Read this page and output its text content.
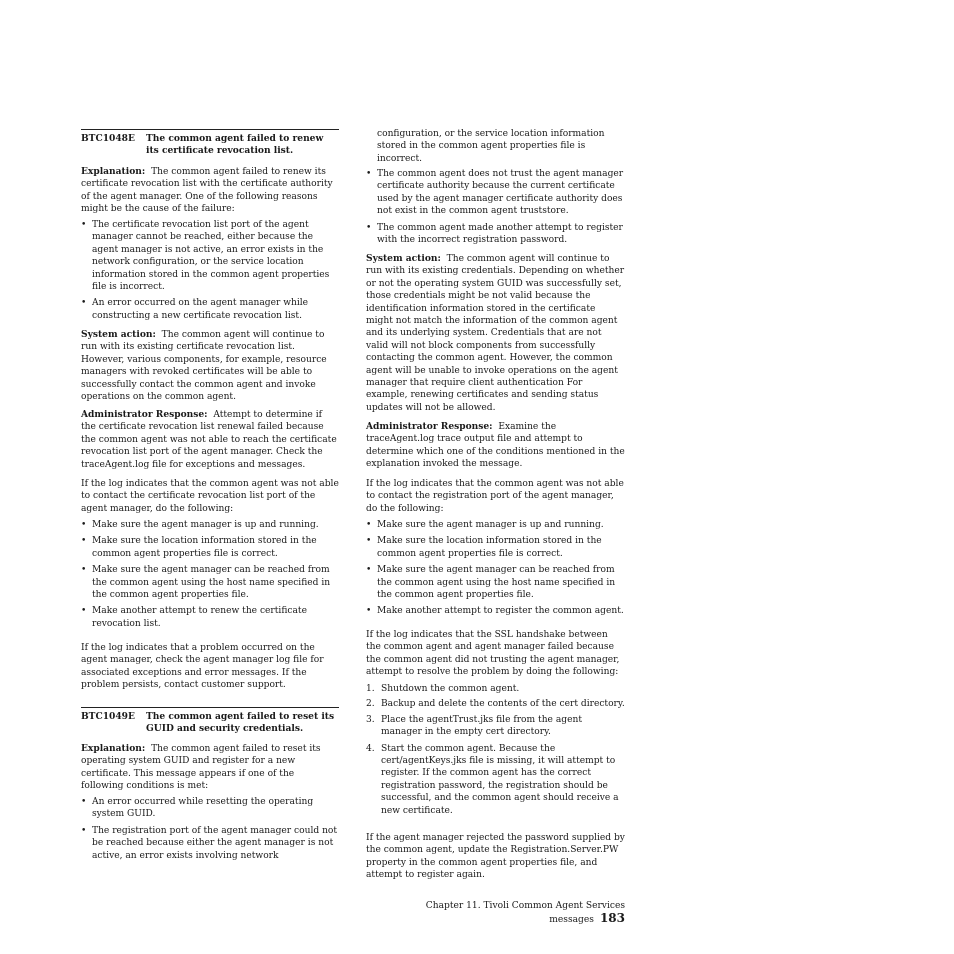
BTC1048E	The common agent failed to renew its certificate revocation list.

Explanation: The common agent failed to renew its certificate revocation list with the certificate authority of the agent manager. One of the following reasons might be the cause of the failure:

• The certificate revocation list port of the agent manager cannot be reached, either because the agent manager is not active, an error exists in the network configuration, or the service location information stored in the common agent properties file is incorrect.
• An error occurred on the agent manager while constructing a new certificate revocation list.

System action: The common agent will continue to run with its existing certificate revocation list. However, various components, for example, resource managers with revoked certificates will be able to successfully contact the common agent and invoke operations on the common agent.

Administrator Response: Attempt to determine if the certificate revocation list renewal failed because the common agent was not able to reach the certificate revocation list port of the agent manager. Check the traceAgent.log file for exceptions and messages.

If the log indicates that the common agent was not able to contact the certificate revocation list port of the agent manager, do the following:

• Make sure the agent manager is up and running.
• Make sure the location information stored in the common agent properties file is correct.
• Make sure the agent manager can be reached from the common agent using the host name specified in the common agent properties file.
• Make another attempt to renew the certificate revocation list.

If the log indicates that a problem occurred on the agent manager, check the agent manager log file for associated exceptions and error messages. If the problem persists, contact customer support.

BTC1049E	The common agent failed to reset its GUID and security credentials.

Explanation: The common agent failed to reset its operating system GUID and register for a new certificate. This message appears if one of the following conditions is met:

• An error occurred while resetting the operating system GUID.
• The registration port of the agent manager could not be reached because either the agent manager is not active, an error exists involving network

configuration, or the service location information stored in the common agent properties file is incorrect.

• The common agent does not trust the agent manager certificate authority because the current certificate used by the agent manager certificate authority does not exist in the common agent truststore.
• The common agent made another attempt to register with the incorrect registration password.

System action: The common agent will continue to run with its existing credentials. Depending on whether or not the operating system GUID was successfully set, those credentials might be not valid because the identification information stored in the certificate might not match the information of the common agent and its underlying system. Credentials that are not valid will not block components from successfully contacting the common agent. However, the common agent will be unable to invoke operations on the agent manager that require client authentication For example, renewing certificates and sending status updates will not be allowed.

Administrator Response: Examine the traceAgent.log trace output file and attempt to determine which one of the conditions mentioned in the explanation invoked the message.

If the log indicates that the common agent was not able to contact the registration port of the agent manager, do the following:

• Make sure the agent manager is up and running.
• Make sure the location information stored in the common agent properties file is correct.
• Make sure the agent manager can be reached from the common agent using the host name specified in the common agent properties file.
• Make another attempt to register the common agent.

If the log indicates that the SSL handshake between the common agent and agent manager failed because the common agent did not trusting the agent manager, attempt to resolve the problem by doing the following:

1. Shutdown the common agent.
2. Backup and delete the contents of the cert directory.
3. Place the agentTrust.jks file from the agent manager in the empty cert directory.
4. Start the common agent. Because the cert/agentKeys.jks file is missing, it will attempt to register. If the common agent has the correct registration password, the registration should be successful, and the common agent should receive a new certificate.

If the agent manager rejected the password supplied by the common agent, update the Registration.Server.PW property in the common agent properties file, and attempt to register again.

Chapter 11. Tivoli Common Agent Services messages 183
